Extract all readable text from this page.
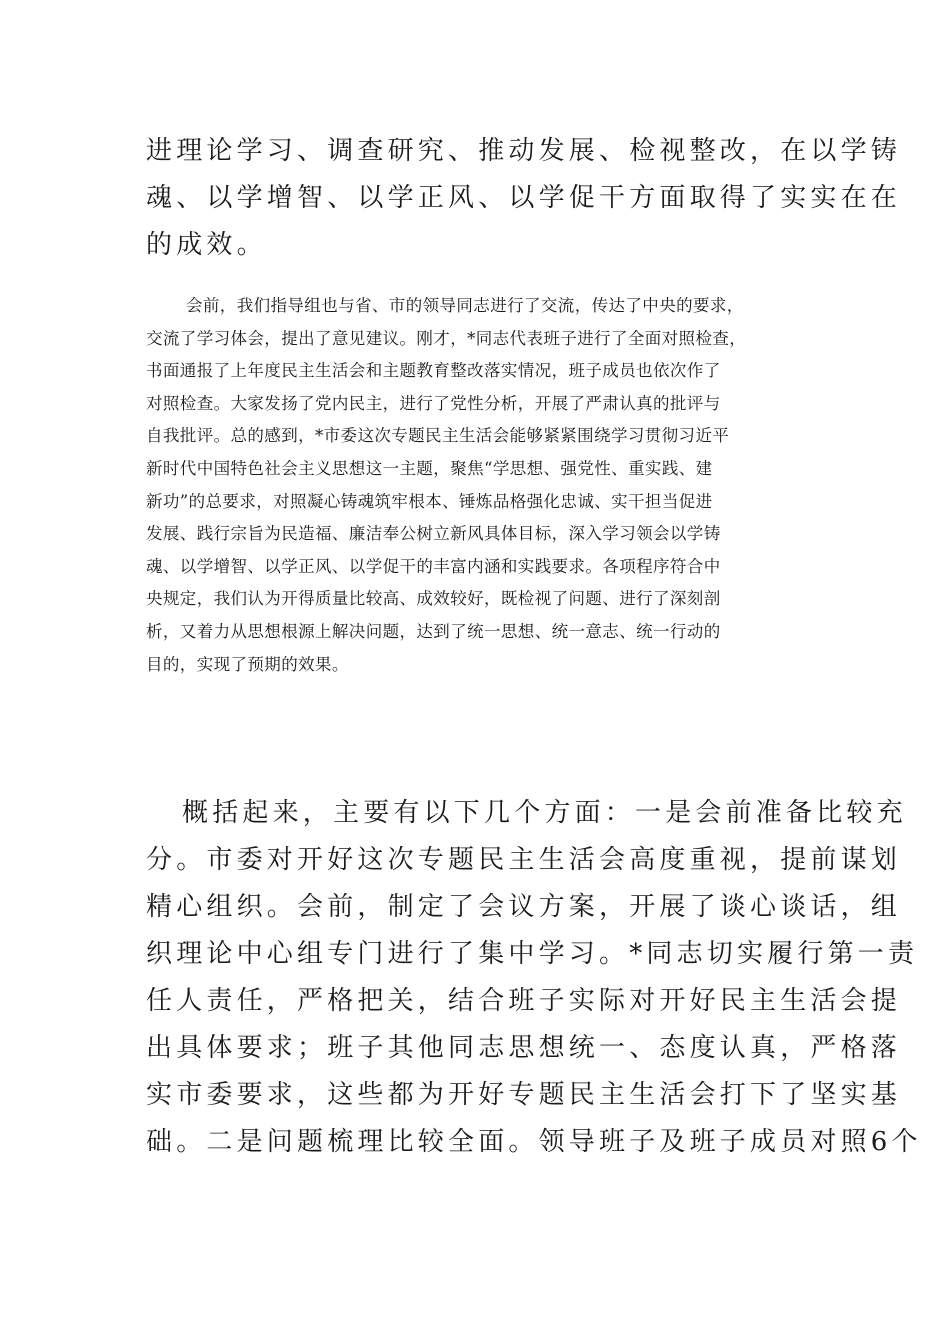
进理论学习、调查研究、推动发展、检视整改，在以学铸
魂、以学增智、以学正风、以学促干方面取得了实实在在
的成效。
会前，我们指导组也与省、市的领导同志进行了交流，传达了中央的要求，
交流了学习体会，提出了意见建议。刚才，*同志代表班子进行了全面对照检查，
书面通报了上年度民主生活会和主题教育整改落实情况，班子成员也依次作了
对照检查。大家发扬了党内民主，进行了党性分析，开展了严肃认真的批评与
自我批评。总的感到，*市委这次专题民主生活会能够紧紧围绕学习贯彻习近平
新时代中国特色社会主义思想这一主题，聚焦“学思想、强党性、重实践、建
新功”的总要求，对照凝心铸魂筑牢根本、锤炼品格强化忠诚、实干担当促进
发展、践行宗旨为民造福、廉洁奉公树立新风具体目标，深入学习领会以学铸
魂、以学增智、以学正风、以学促干的丰富内涵和实践要求。各项程序符合中
央规定，我们认为开得质量比较高、成效较好，既检视了问题、进行了深刻剖
析，又着力从思想根源上解决问题，达到了统一思想、统一意志、统一行动的
目的，实现了预期的效果。
概括起来，主要有以下几个方面：一是会前准备比较充
分。市委对开好这次专题民主生活会高度重视，提前谋划
精心组织。会前，制定了会议方案，开展了谈心谈话，组
织理论中心组专门进行了集中学习。*同志切实履行第一责
任人责任，严格把关，结合班子实际对开好民主生活会提
出具体要求；班子其他同志思想统一、态度认真，严格落
实市委要求，这些都为开好专题民主生活会打下了坚实基
础。二是问题梳理比较全面。领导班子及班子成员对照6个
